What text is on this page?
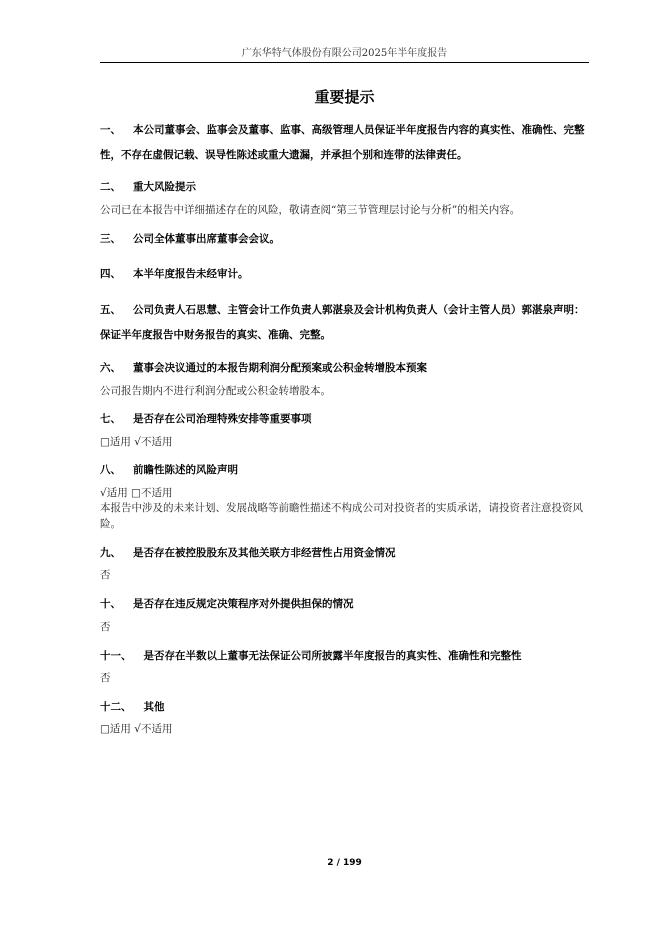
广东华特气体股份有限公司2025年半年度报告
重要提示
一、 本公司董事会、监事会及董事、监事、高级管理人员保证半年度报告内容的真实性、准确性、完整性，不存在虚假记载、误导性陈述或重大遗漏，并承担个别和连带的法律责任。
二、 重大风险提示
公司已在本报告中详细描述存在的风险，敬请查阅“第三节管理层讨论与分析”的相关内容。
三、 公司全体董事出席董事会会议。
四、 本半年度报告未经审计。
五、 公司负责人石思慧、主管会计工作负责人郭湛泉及会计机构负责人（会计主管人员）郭湛泉声明：保证半年度报告中财务报告的真实、准确、完整。
六、 董事会决议通过的本报告期利润分配预案或公积金转增股本预案
公司报告期内不进行利润分配或公积金转增股本。
七、 是否存在公司治理特殊安排等重要事项
□适用 √不适用
八、 前瞻性陈述的风险声明
√适用 □不适用
本报告中涉及的未来计划、发展战略等前瞻性描述不构成公司对投资者的实质承诺，请投资者注意投资风险。
九、 是否存在被控股股东及其他关联方非经营性占用资金情况
否
十、 是否存在违反规定决策程序对外提供担保的情况
否
十一、 是否存在半数以上董事无法保证公司所披露半年度报告的真实性、准确性和完整性
否
十二、 其他
□适用 √不适用
2 / 199
